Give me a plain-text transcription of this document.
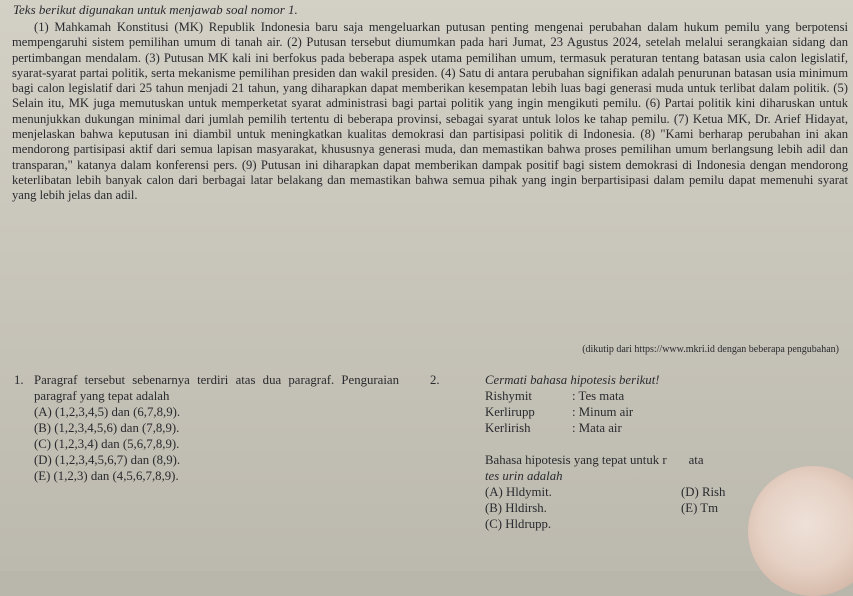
Teks berikut digunakan untuk menjawab soal nomor 1.
(1) Mahkamah Konstitusi (MK) Republik Indonesia baru saja mengeluarkan putusan penting mengenai perubahan dalam hukum pemilu yang berpotensi mempengaruhi sistem pemilihan umum di tanah air. (2) Putusan tersebut diumumkan pada hari Jumat, 23 Agustus 2024, setelah melalui serangkaian sidang dan pertimbangan mendalam. (3) Putusan MK kali ini berfokus pada beberapa aspek utama pemilihan umum, termasuk peraturan tentang batasan usia calon legislatif, syarat-syarat partai politik, serta mekanisme pemilihan presiden dan wakil presiden. (4) Satu di antara perubahan signifikan adalah penurunan batasan usia minimum bagi calon legislatif dari 25 tahun menjadi 21 tahun, yang diharapkan dapat memberikan kesempatan lebih luas bagi generasi muda untuk terlibat dalam politik. (5) Selain itu, MK juga memutuskan untuk memperketat syarat administrasi bagi partai politik yang ingin mengikuti pemilu. (6) Partai politik kini diharuskan untuk menunjukkan dukungan minimal dari jumlah pemilih tertentu di beberapa provinsi, sebagai syarat untuk lolos ke tahap pemilu. (7) Ketua MK, Dr. Arief Hidayat, menjelaskan bahwa keputusan ini diambil untuk meningkatkan kualitas demokrasi dan partisipasi politik di Indonesia. (8) "Kami berharap perubahan ini akan mendorong partisipasi aktif dari semua lapisan masyarakat, khususnya generasi muda, dan memastikan bahwa proses pemilihan umum berlangsung lebih adil dan transparan," katanya dalam konferensi pers. (9) Putusan ini diharapkan dapat memberikan dampak positif bagi sistem demokrasi di Indonesia dengan mendorong keterlibatan lebih banyak calon dari berbagai latar belakang dan memastikan bahwa semua pihak yang ingin berpartisipasi dalam pemilu dapat memenuhi syarat yang lebih jelas dan adil.
(dikutip dari https://www.mkri.id dengan beberapa pengubahan)
1. Paragraf tersebut sebenarnya terdiri atas dua paragraf. Penguraian paragraf yang tepat adalah
(A) (1,2,3,4,5) dan (6,7,8,9).
(B) (1,2,3,4,5,6) dan (7,8,9).
(C) (1,2,3,4) dan (5,6,7,8,9).
(D) (1,2,3,4,5,6,7) dan (8,9).
(E) (1,2,3) dan (4,5,6,7,8,9).
2.	Cermati bahasa hipotesis berikut!
Rishymit	: Tes mata
Kerlirupp	: Minum air
Kerlirish	: Mata air
Bahasa hipotesis yang tepat untuk r ata
tes urin adalah
(A) Hldymit.	(D) Rish
(B) Hldirsh.	(E) Tm
(C) Hldrupp.
